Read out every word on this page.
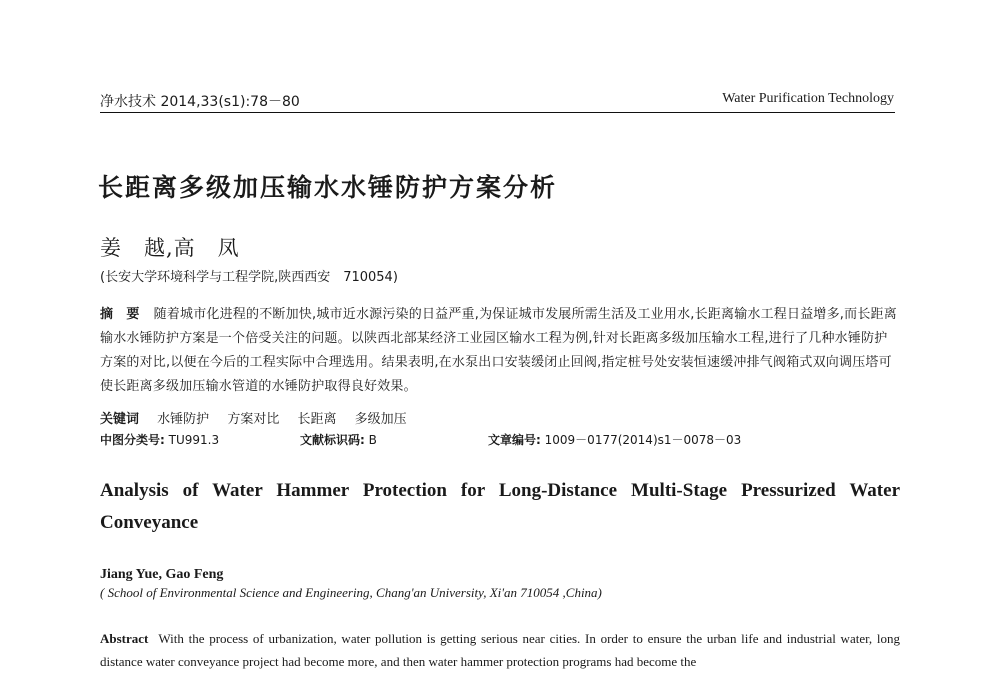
净水技术 2014,33(s1):78－80	Water Purification Technology
长距离多级加压输水水锤防护方案分析
姜　越,高　凤
(长安大学环境科学与工程学院,陕西西安　710054)
摘　要 随着城市化进程的不断加快,城市近水源污染的日益严重,为保证城市发展所需生活及工业用水,长距离输水工程日益增多,而长距离输水水锤防护方案是一个倍受关注的问题。以陕西北部某经济工业园区输水工程为例,针对长距离多级加压输水工程,进行了几种水锤防护方案的对比,以便在今后的工程实际中合理选用。结果表明,在水泵出口安装缓闭止回阀,指定桩号处安装恒速缓冲排气阀箱式双向调压塔可使长距离多级加压输水管道的水锤防护取得良好效果。
关键词 水锤防护 方案对比 长距离 多级加压
中图分类号: TU991.3	文献标识码: B	文章编号: 1009－0177(2014)s1－0078－03
Analysis of Water Hammer Protection for Long-Distance Multi-Stage Pressurized Water Conveyance
Jiang Yue, Gao Feng
( School of Environmental Science and Engineering, Chang'an University, Xi'an 710054 ,China)
Abstract With the process of urbanization, water pollution is getting serious near cities. In order to ensure the urban life and industrial water, long distance water conveyance project had become more, and then water hammer protection programs had become the
